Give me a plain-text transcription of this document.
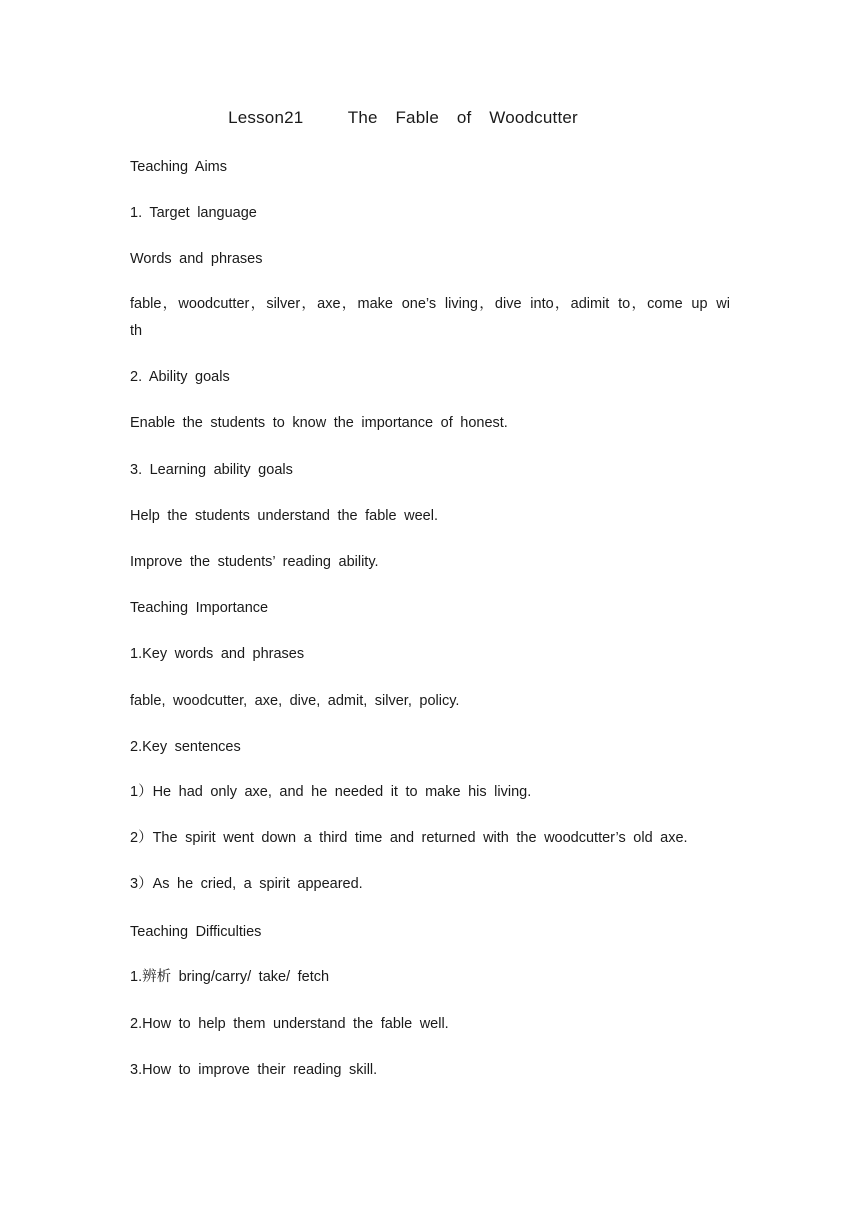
Lesson21     The  Fable  of  Woodcutter
Teaching Aims
1. Target language
Words and phrases
fable，woodcutter，silver，axe，make one’s living，dive into，adimit to，come up wi
th
2. Ability goals
Enable the students to know the importance of honest.
3. Learning ability goals
Help the students understand the fable weel.
Improve the students’ reading ability.
Teaching Importance
1.Key words and phrases
fable, woodcutter, axe, dive, admit, silver, policy.
2.Key sentences
1）He had only axe, and he needed it to make his living.
2）The spirit went down a third time and returned with the woodcutter’s old axe.
3）As he cried, a spirit appeared.
Teaching Difficulties
1.辨析 bring/carry/ take/ fetch
2.How to help them understand the fable well.
3.How to improve their reading skill.
